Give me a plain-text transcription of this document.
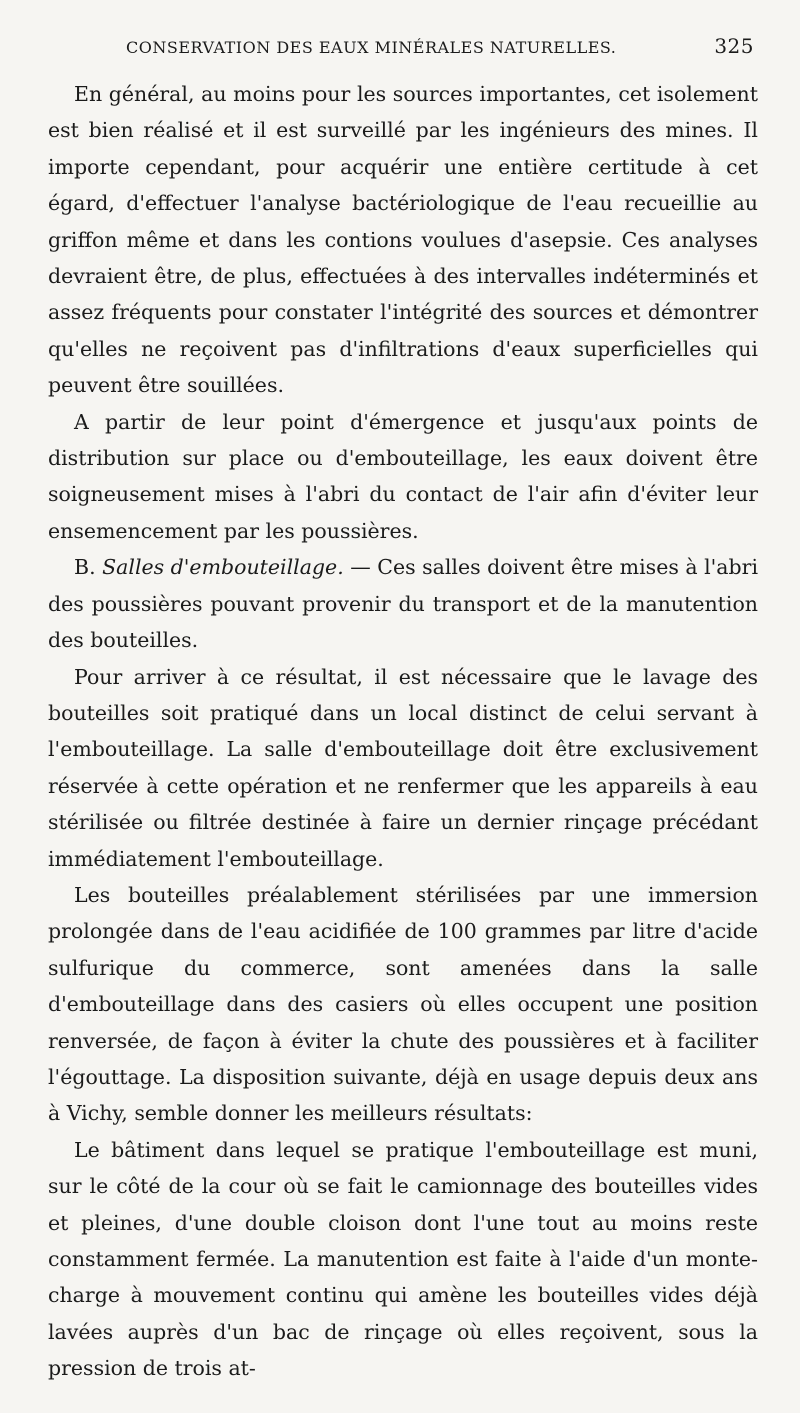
CONSERVATION DES EAUX MINÉRALES NATURELLES.	325

En général, au moins pour les sources importantes, cet isolement est bien réalisé et il est surveillé par les ingénieurs des mines. Il importe cependant, pour acquérir une entière certitude à cet égard, d'effectuer l'analyse bactériologique de l'eau recueillie au griffon même et dans les contions voulues d'asepsie. Ces analyses devraient être, de plus, effectuées à des intervalles indéterminés et assez fréquents pour constater l'intégrité des sources et démontrer qu'elles ne reçoivent pas d'infiltrations d'eaux superficielles qui peuvent être souillées.

A partir de leur point d'émergence et jusqu'aux points de distribution sur place ou d'embouteillage, les eaux doivent être soigneusement mises à l'abri du contact de l'air afin d'éviter leur ensemencement par les poussières.

B. Salles d'embouteillage. — Ces salles doivent être mises à l'abri des poussières pouvant provenir du transport et de la manutention des bouteilles.

Pour arriver à ce résultat, il est nécessaire que le lavage des bouteilles soit pratiqué dans un local distinct de celui servant à l'embouteillage. La salle d'embouteillage doit être exclusivement réservée à cette opération et ne renfermer que les appareils à eau stérilisée ou filtrée destinée à faire un dernier rinçage précédant immédiatement l'embouteillage.

Les bouteilles préalablement stérilisées par une immersion prolongée dans de l'eau acidifiée de 100 grammes par litre d'acide sulfurique du commerce, sont amenées dans la salle d'embouteillage dans des casiers où elles occupent une position renversée, de façon à éviter la chute des poussières et à faciliter l'égouttage. La disposition suivante, déjà en usage depuis deux ans à Vichy, semble donner les meilleurs résultats:

Le bâtiment dans lequel se pratique l'embouteillage est muni, sur le côté de la cour où se fait le camionnage des bouteilles vides et pleines, d'une double cloison dont l'une tout au moins reste constamment fermée. La manutention est faite à l'aide d'un monte-charge à mouvement continu qui amène les bouteilles vides déjà lavées auprès d'un bac de rinçage où elles reçoivent, sous la pression de trois at-
